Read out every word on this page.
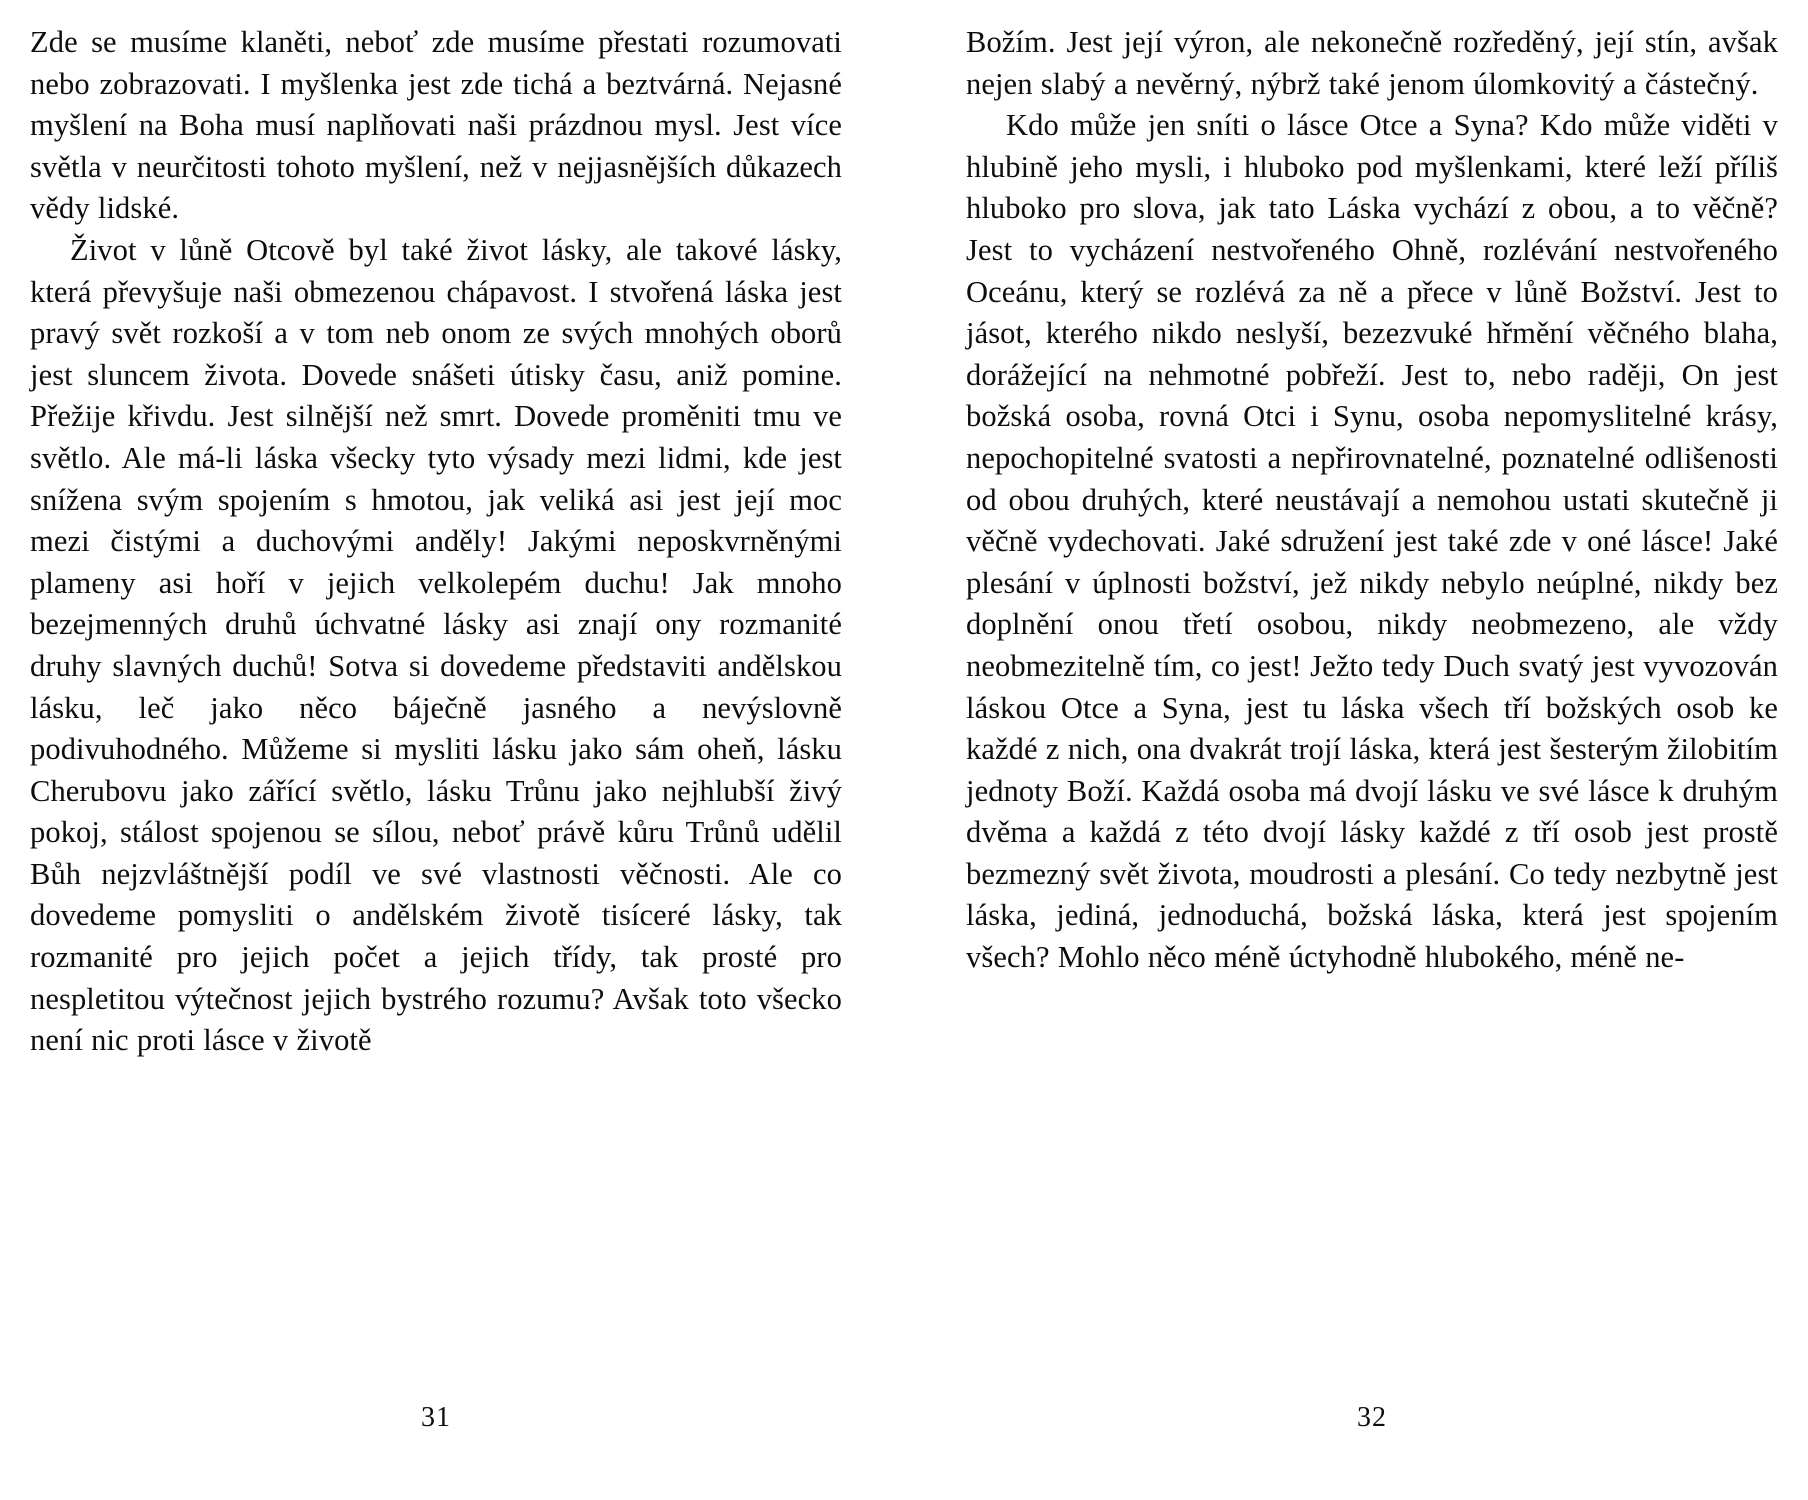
Zde se musíme klaněti, neboť zde musíme přestati rozumovati nebo zobrazovati. I myšlenka jest zde tichá a beztvárná. Nejasné myšlení na Boha musí naplňovati naši prázdnou mysl. Jest více světla v neurčitosti tohoto myšlení, než v nejjasnějších důkazech vědy lidské.

Život v lůně Otcově byl také život lásky, ale takové lásky, která převyšuje naši obmezenou chápavost. I stvořená láska jest pravý svět rozkoší a v tom neb onom ze svých mnohých oborů jest sluncem života. Dovede snášeti útisky času, aniž pomine. Přežije křivdu. Jest silnější než smrt. Dovede proměniti tmu ve světlo. Ale má-li láska všecky tyto výsady mezi lidmi, kde jest snížena svým spojením s hmotou, jak veliká asi jest její moc mezi čistými a duchovými anděly! Jakými neposkvrněnými plameny asi hoří v jejich velkolepém duchu! Jak mnoho bezejmenných druhů úchvatné lásky asi znají ony rozmanité druhy slavných duchů! Sotva si dovedeme představiti andělskou lásku, leč jako něco báječně jasného a nevýslovně podivuhodného. Můžeme si mysliti lásku jako sám oheň, lásku Cherubovu jako zářící světlo, lásku Trůnu jako nejhlubší živý pokoj, stálost spojenou se sílou, neboť právě kůru Trůnů udělil Bůh nejzvláštnější podíl ve své vlastnosti věčnosti. Ale co dovedeme pomysliti o andělském životě tisíceré lásky, tak rozmanité pro jejich počet a jejich třídy, tak prosté pro nespletitou výtečnost jejich bystrého rozumu? Avšak toto všecko není nic proti lásce v životě

31

Božím. Jest její výron, ale nekonečně rozředěný, její stín, avšak nejen slabý a nevěrný, nýbrž také jenom úlomkovitý a částečný.

Kdo může jen sníti o lásce Otce a Syna? Kdo může viděti v hlubině jeho mysli, i hluboko pod myšlenkami, které leží příliš hluboko pro slova, jak tato Láska vychází z obou, a to věčně? Jest to vycházení nestvořeného Ohně, rozlévání nestvořeného Oceánu, který se rozlévá za ně a přece v lůně Božství. Jest to jásot, kterého nikdo neslyší, bezezvuké hřmění věčného blaha, dorážející na nehmotné pobřeží. Jest to, nebo raději, On jest božská osoba, rovná Otci i Synu, osoba nepomyslitelné krásy, nepochopitelné svatosti a nepřirovnatelné, poznatelné odlišenosti od obou druhých, které neustávají a nemohou ustati skutečně ji věčně vydechovati. Jaké sdružení jest také zde v oné lásce! Jaké plesání v úplnosti božství, jež nikdy nebylo neúplné, nikdy bez doplnění onou třetí osobou, nikdy neobmezeno, ale vždy neobmezitelně tím, co jest! Ježto tedy Duch svatý jest vyvozován láskou Otce a Syna, jest tu láska všech tří božských osob ke každé z nich, ona dvakrát trojí láska, která jest šesterým žilobitím jednoty Boží. Každá osoba má dvojí lásku ve své lásce k druhým dvěma a každá z této dvojí lásky každé z tří osob jest prostě bezmezný svět života, moudrosti a plesání. Co tedy nezbytně jest láska, jediná, jednoduchá, božská láska, která jest spojením všech? Mohlo něco méně úctyhodně hlubokého, méně ne-

32
